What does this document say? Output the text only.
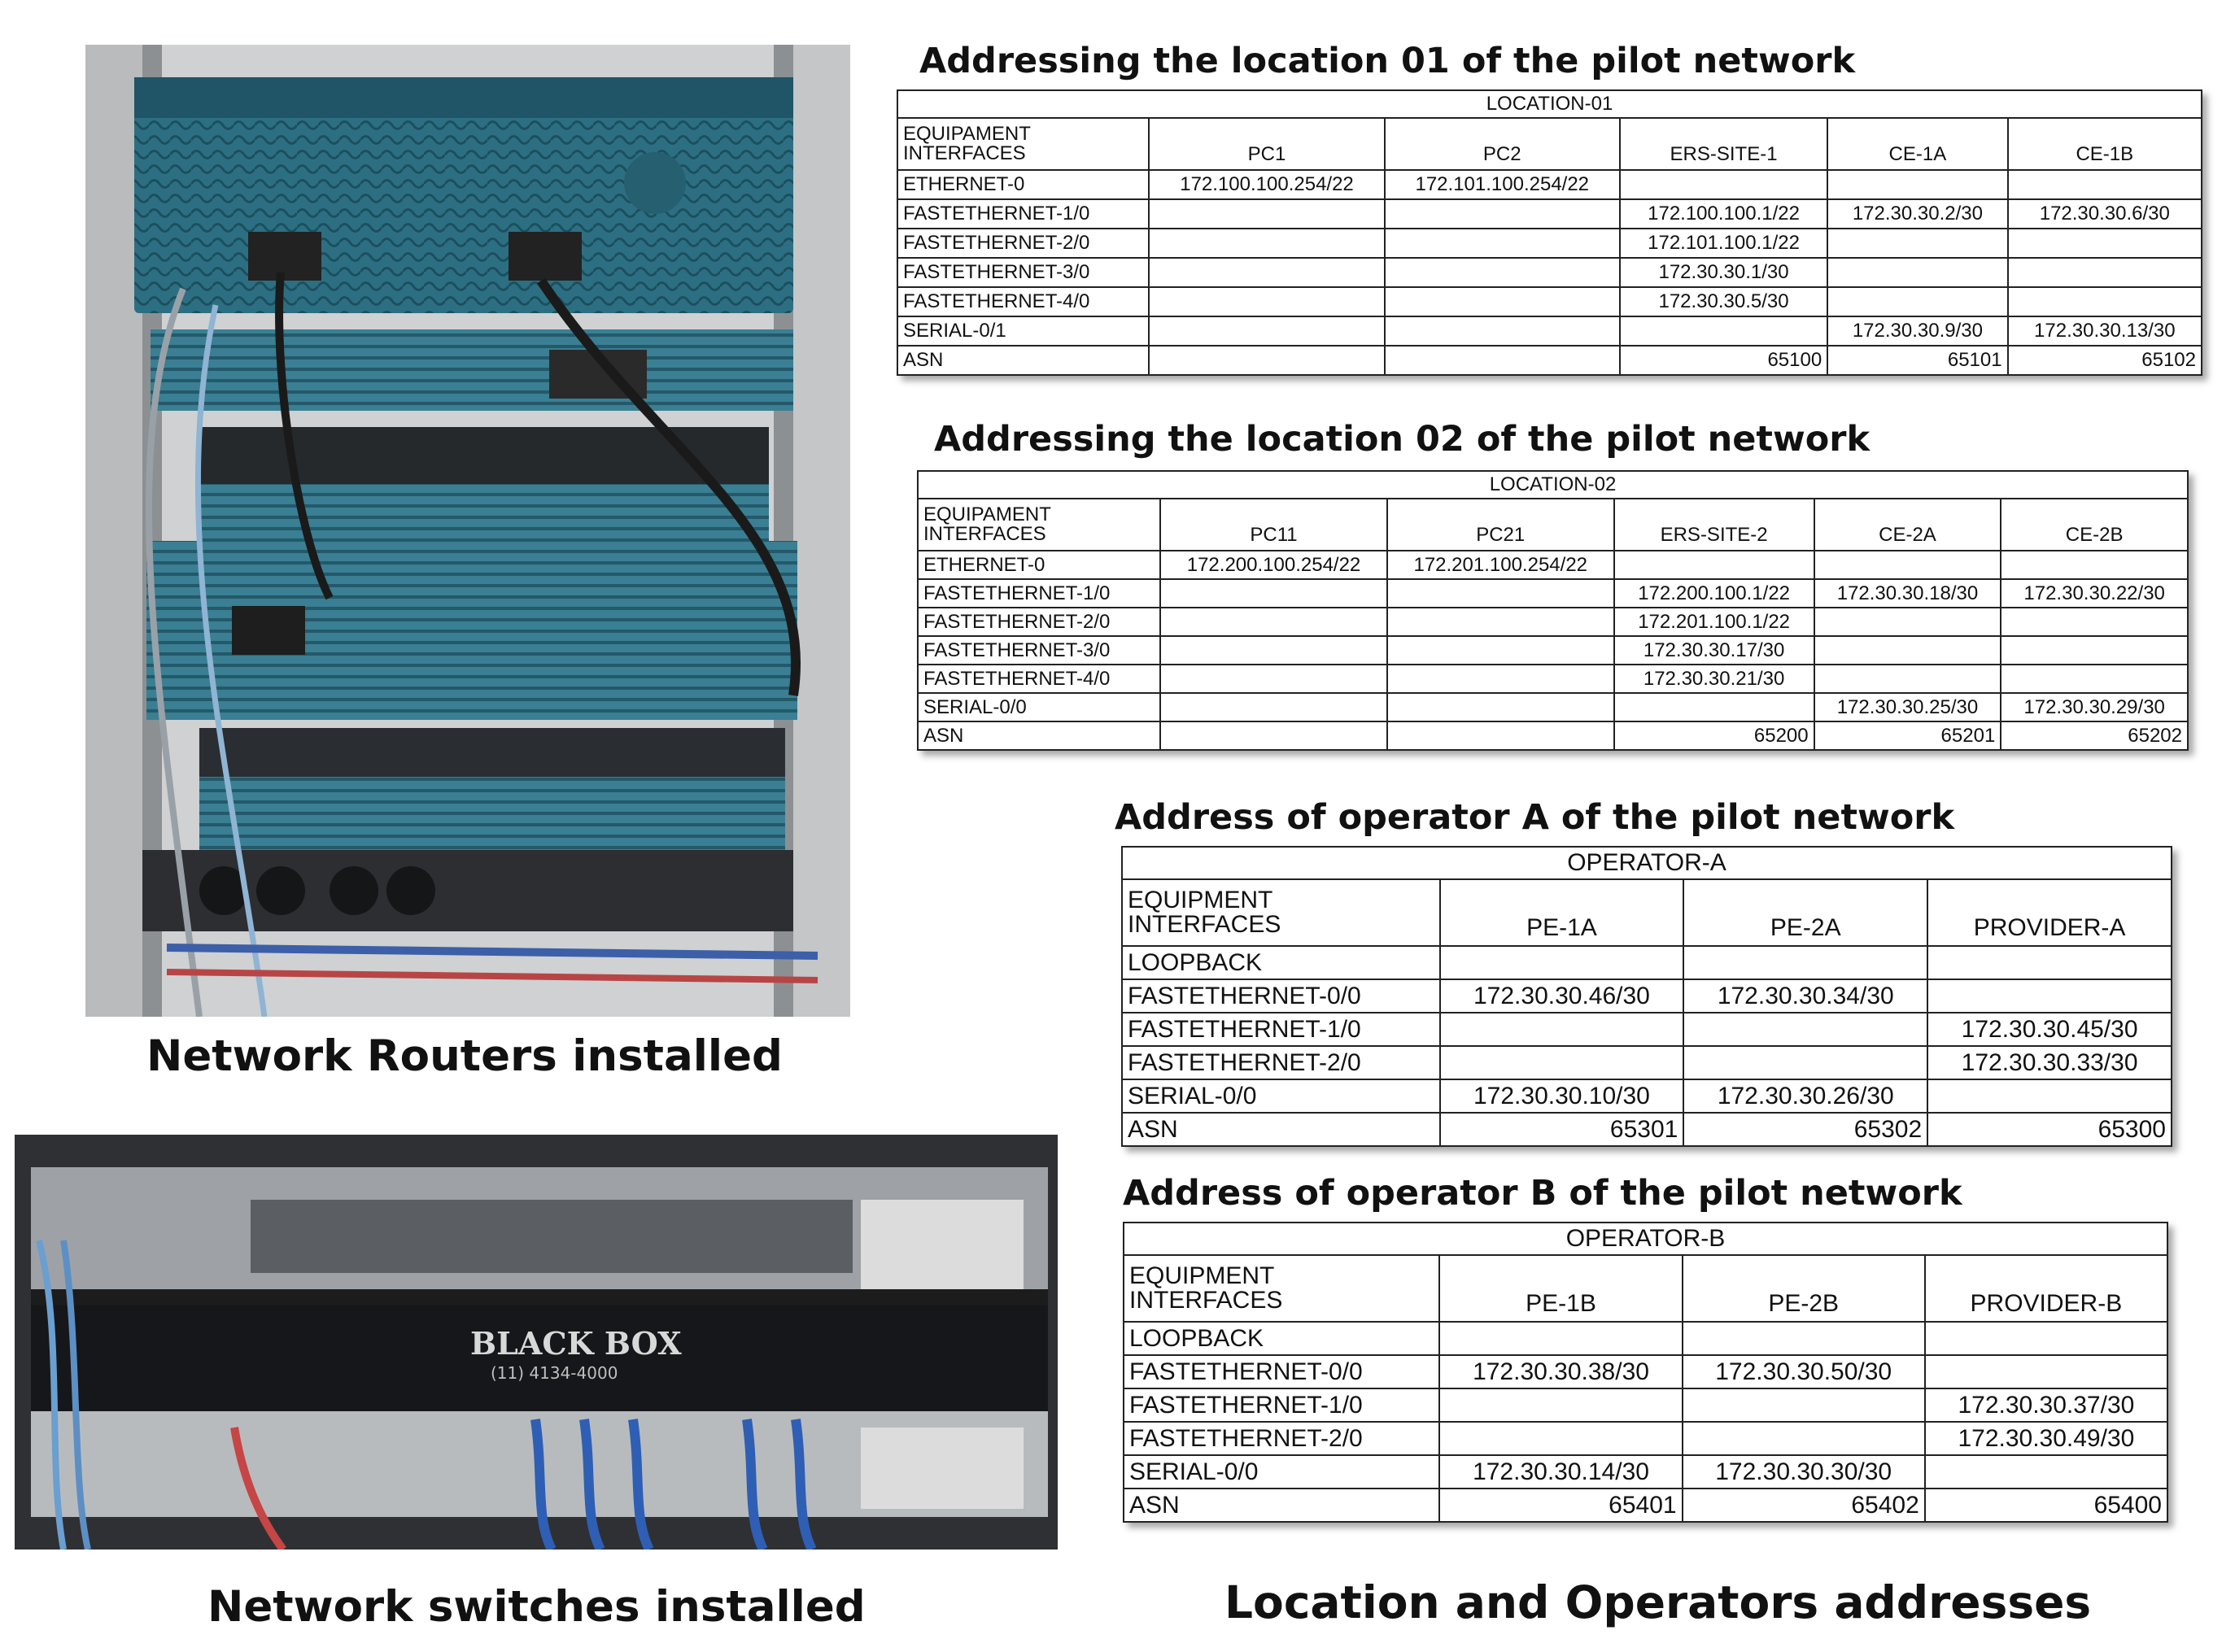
Network Routers installed
BLACK BOX
(11) 4134-4000
Network switches installed
Addressing the location 01 of the pilot network
LOCATION-01					

EQUIPAMENT
INTERFACES	PC1	PC2	ERS-SITE-1	CE-1A	CE-1B
ETHERNET-0	172.100.100.254/22	172.101.100.254/22			
FASTETHERNET-1/0			172.100.100.1/22	172.30.30.2/30	172.30.30.6/30
FASTETHERNET-2/0			172.101.100.1/22		
FASTETHERNET-3/0			172.30.30.1/30		
FASTETHERNET-4/0			172.30.30.5/30		
SERIAL-0/1				172.30.30.9/30	172.30.30.13/30
ASN			65100	65101	65102
Addressing the location 02 of the pilot network
LOCATION-02					

EQUIPAMENT
INTERFACES	PC11	PC21	ERS-SITE-2	CE-2A	CE-2B
ETHERNET-0	172.200.100.254/22	172.201.100.254/22			
FASTETHERNET-1/0			172.200.100.1/22	172.30.30.18/30	172.30.30.22/30
FASTETHERNET-2/0			172.201.100.1/22		
FASTETHERNET-3/0			172.30.30.17/30		
FASTETHERNET-4/0			172.30.30.21/30		
SERIAL-0/0				172.30.30.25/30	172.30.30.29/30
ASN			65200	65201	65202
Address of operator A of the pilot network
OPERATOR-A			

EQUIPMENT
INTERFACES	PE-1A	PE-2A	PROVIDER-A
LOOPBACK			
FASTETHERNET-0/0	172.30.30.46/30	172.30.30.34/30	
FASTETHERNET-1/0			172.30.30.45/30
FASTETHERNET-2/0			172.30.30.33/30
SERIAL-0/0	172.30.30.10/30	172.30.30.26/30	
ASN	65301	65302	65300
Address of operator B of the pilot network
OPERATOR-B			

EQUIPMENT
INTERFACES	PE-1B	PE-2B	PROVIDER-B
LOOPBACK			
FASTETHERNET-0/0	172.30.30.38/30	172.30.30.50/30	
FASTETHERNET-1/0			172.30.30.37/30
FASTETHERNET-2/0			172.30.30.49/30
SERIAL-0/0	172.30.30.14/30	172.30.30.30/30	
ASN	65401	65402	65400
Location and Operators addresses
